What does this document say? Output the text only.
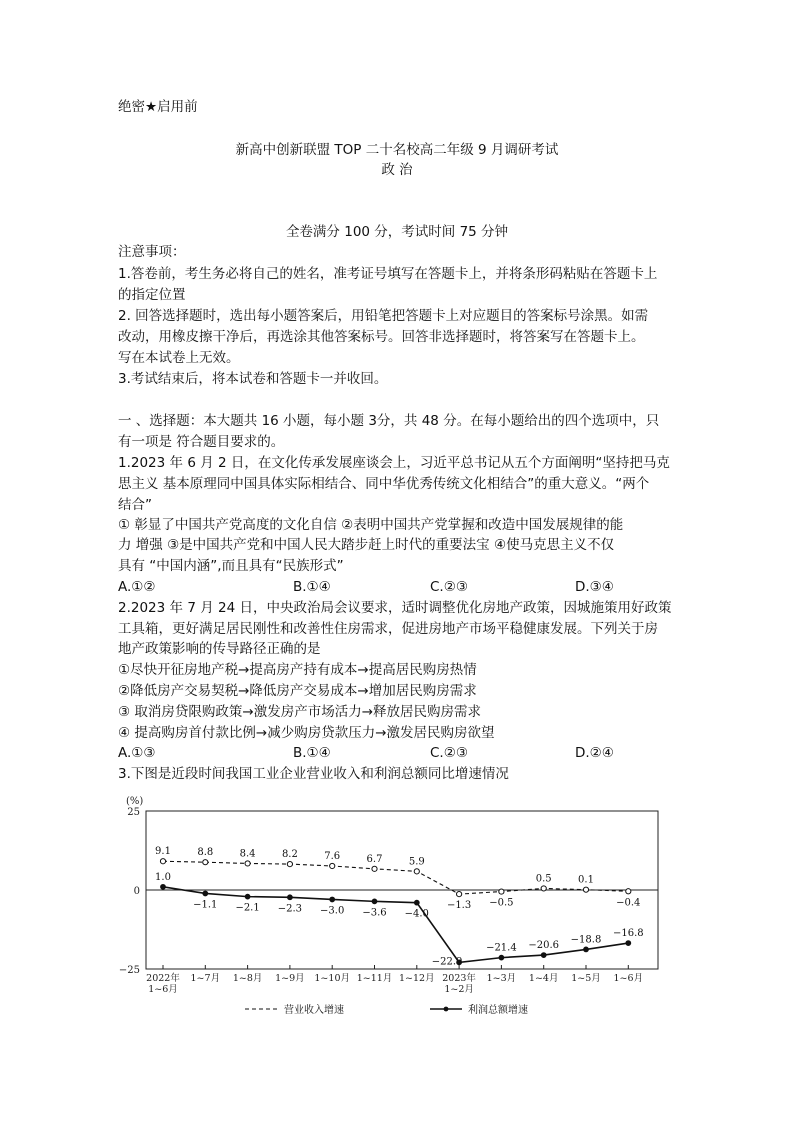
绝密★启用前
新高中创新联盟 TOP 二十名校高二年级 9 月调研考试
政 治
全卷满分 100 分，考试时间 75 分钟
注意事项：
1.答卷前，考生务必将自己的姓名，准考证号填写在答题卡上，并将条形码粘贴在答题卡上
的指定位置
2. 回答选择题时，选出每小题答案后，用铅笔把答题卡上对应题目的答案标号涂黑。如需
改动，用橡皮擦干净后，再选涂其他答案标号。回答非选择题时，将答案写在答题卡上。
写在本试卷上无效。
3.考试结束后，将本试卷和答题卡一并收回。
一 、选择题：本大题共 16 小题，每小题 3分，共 48 分。在每小题给出的四个选项中，只
有一项是 符合题目要求的。
1.2023 年 6 月 2 日，在文化传承发展座谈会上，习近平总书记从五个方面阐明“坚持把马克
思主义 基本原理同中国具体实际相结合、同中华优秀传统文化相结合”的重大意义。“两个
结合”
① 彰显了中国共产党高度的文化自信 ②表明中国共产党掌握和改造中国发展规律的能
力 增强 ③是中国共产党和中国人民大踏步赶上时代的重要法宝 ④使马克思主义不仅
具有 “中国内涵”,而且具有“民族形式”
A.①②	B.①④	C.②③	D.③④
2.2023 年 7 月 24 日，中央政治局会议要求，适时调整优化房地产政策，因城施策用好政策
工具箱，更好满足居民刚性和改善性住房需求，促进房地产市场平稳健康发展。下列关于房
地产政策影响的传导路径正确的是
①尽快开征房地产税→提高房产持有成本→提高居民购房热情
②降低房产交易契税→降低房产交易成本→增加居民购房需求
③ 取消房贷限购政策→激发房产市场活力→释放居民购房需求
④ 提高购房首付款比例→减少购房贷款压力→激发居民购房欲望
A.①③	B.①④	C.②③	D.②④
3.下图是近段时间我国工业企业营业收入和利润总额同比增速情况
(%)
25
0
−25
2022年 1~6月
1~7月 1~8月 1~9月 1~10月 1~11月 1~12月 2023年 1~2月
1~3月 1~4月 1~5月 1~6月
9.1	8.8	8.4	8.2	7.6	6.7	5.9
−1.3 −0.5
0.5	0.1
−0.4
1.0
−1.1 −2.1 −2.3 −3.0 −3.6 −4.0
−22.9
−21.4 −20.6
−18.8
−16.8
营业收入增速	利润总额增速
